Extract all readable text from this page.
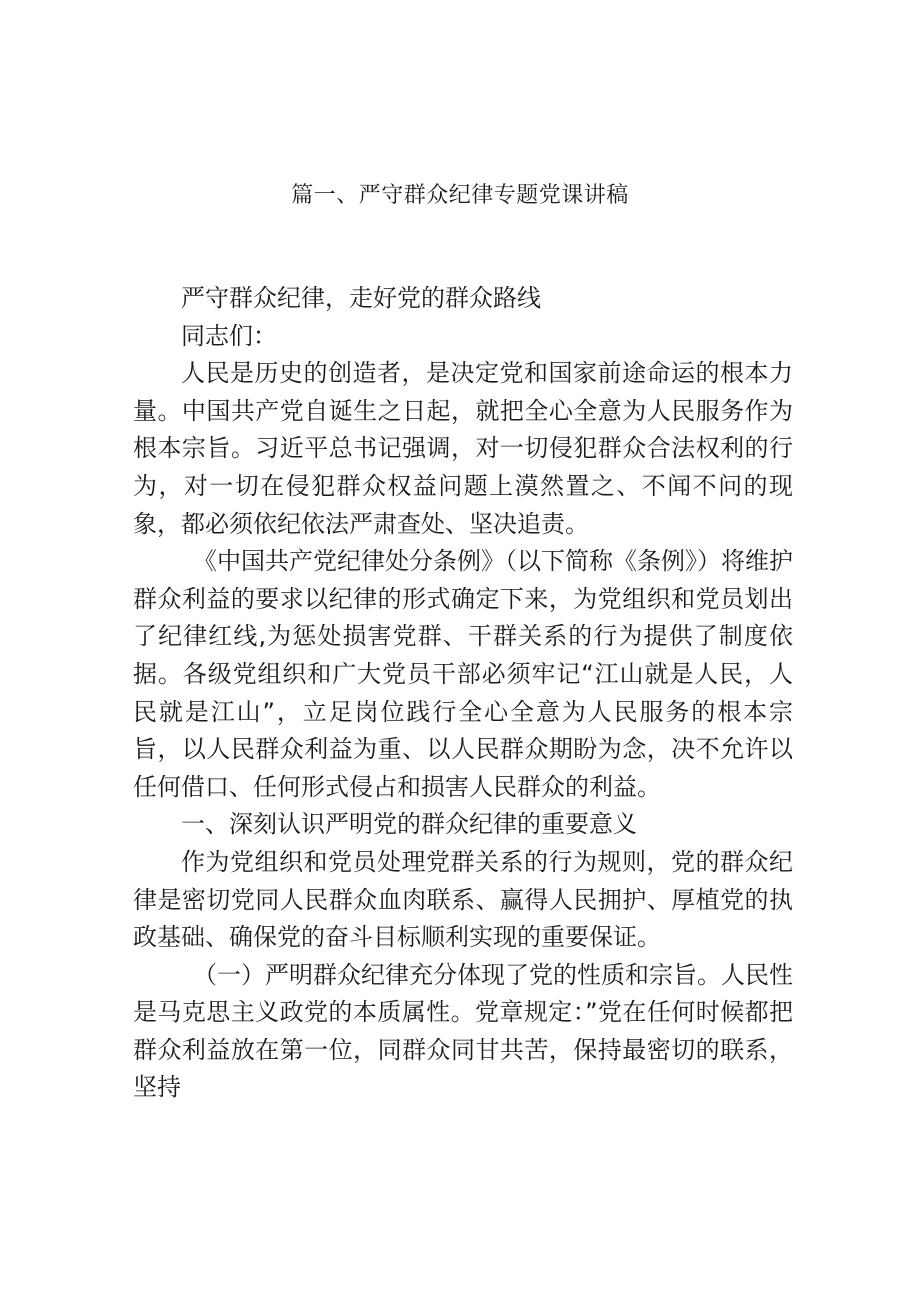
篇一、严守群众纪律专题党课讲稿

严守群众纪律，走好党的群众路线

同志们：

人民是历史的创造者，是决定党和国家前途命运的根本力量。中国共产党自诞生之日起，就把全心全意为人民服务作为根本宗旨。习近平总书记强调，对一切侵犯群众合法权利的行为，对一切在侵犯群众权益问题上漠然置之、不闻不问的现象，都必须依纪依法严肃查处、坚决追责。

《中国共产党纪律处分条例》（以下简称《条例》）将维护群众利益的要求以纪律的形式确定下来，为党组织和党员划出了纪律红线,为惩处损害党群、干群关系的行为提供了制度依据。各级党组织和广大党员干部必须牢记“江山就是人民，人民就是江山”，立足岗位践行全心全意为人民服务的根本宗旨，以人民群众利益为重、以人民群众期盼为念，决不允许以任何借口、任何形式侵占和损害人民群众的利益。

一、深刻认识严明党的群众纪律的重要意义

作为党组织和党员处理党群关系的行为规则，党的群众纪律是密切党同人民群众血肉联系、赢得人民拥护、厚植党的执政基础、确保党的奋斗目标顺利实现的重要保证。

（一）严明群众纪律充分体现了党的性质和宗旨。人民性是马克思主义政党的本质属性。党章规定：”党在任何时候都把群众利益放在第一位，同群众同甘共苦，保持最密切的联系，坚持
